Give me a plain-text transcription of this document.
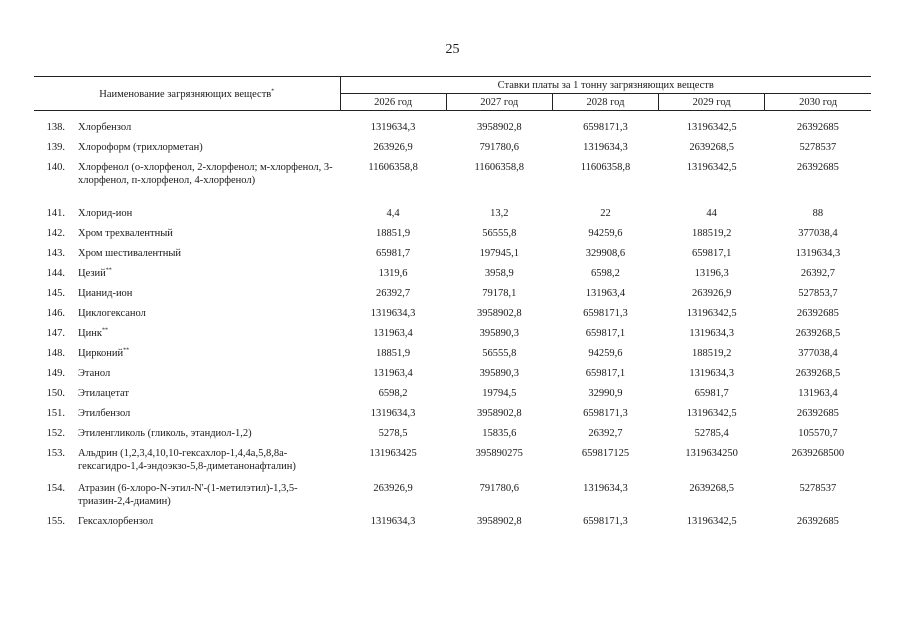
25
Наименование загрязняющих веществ*		Ставки платы за 1 тонну загрязняющих веществ				
		2026 год	2027 год	2028 год	2029 год	2030 год

138.	Хлорбензол	1319634,3	3958902,8	6598171,3	13196342,5	26392685
139.	Хлороформ (трихлорметан)	263926,9	791780,6	1319634,3	2639268,5	5278537
140.	Хлорфенол (о-хлорфенол, 2-хлорфенол; м-хлорфенол, 3-хлорфенол, п-хлорфенол, 4-хлорфенол)	11606358,8	11606358,8	11606358,8	13196342,5	26392685
141.	Хлорид-ион	4,4	13,2	22	44	88
142.	Хром трехвалентный	18851,9	56555,8	94259,6	188519,2	377038,4
143.	Хром шестивалентный	65981,7	197945,1	329908,6	659817,1	1319634,3
144.	Цезий**	1319,6	3958,9	6598,2	13196,3	26392,7
145.	Цианид-ион	26392,7	79178,1	131963,4	263926,9	527853,7
146.	Циклогексанол	1319634,3	3958902,8	6598171,3	13196342,5	26392685
147.	Цинк**	131963,4	395890,3	659817,1	1319634,3	2639268,5
148.	Цирконий**	18851,9	56555,8	94259,6	188519,2	377038,4
149.	Этанол	131963,4	395890,3	659817,1	1319634,3	2639268,5
150.	Этилацетат	6598,2	19794,5	32990,9	65981,7	131963,4
151.	Этилбензол	1319634,3	3958902,8	6598171,3	13196342,5	26392685
152.	Этиленгликоль (гликоль, этандиол-1,2)	5278,5	15835,6	26392,7	52785,4	105570,7
153.	Альдрин (1,2,3,4,10,10-гексахлор-1,4,4а,5,8,8а-гексагидро-1,4-эндоэкзо-5,8-диметанонафталин)	131963425	395890275	659817125	1319634250	2639268500
154.	Атразин (6-хлоро-N-этил-N'-(1-метилэтил)-1,3,5-триазин-2,4-диамин)	263926,9	791780,6	1319634,3	2639268,5	5278537
155.	Гексахлорбензол	1319634,3	3958902,8	6598171,3	13196342,5	26392685
